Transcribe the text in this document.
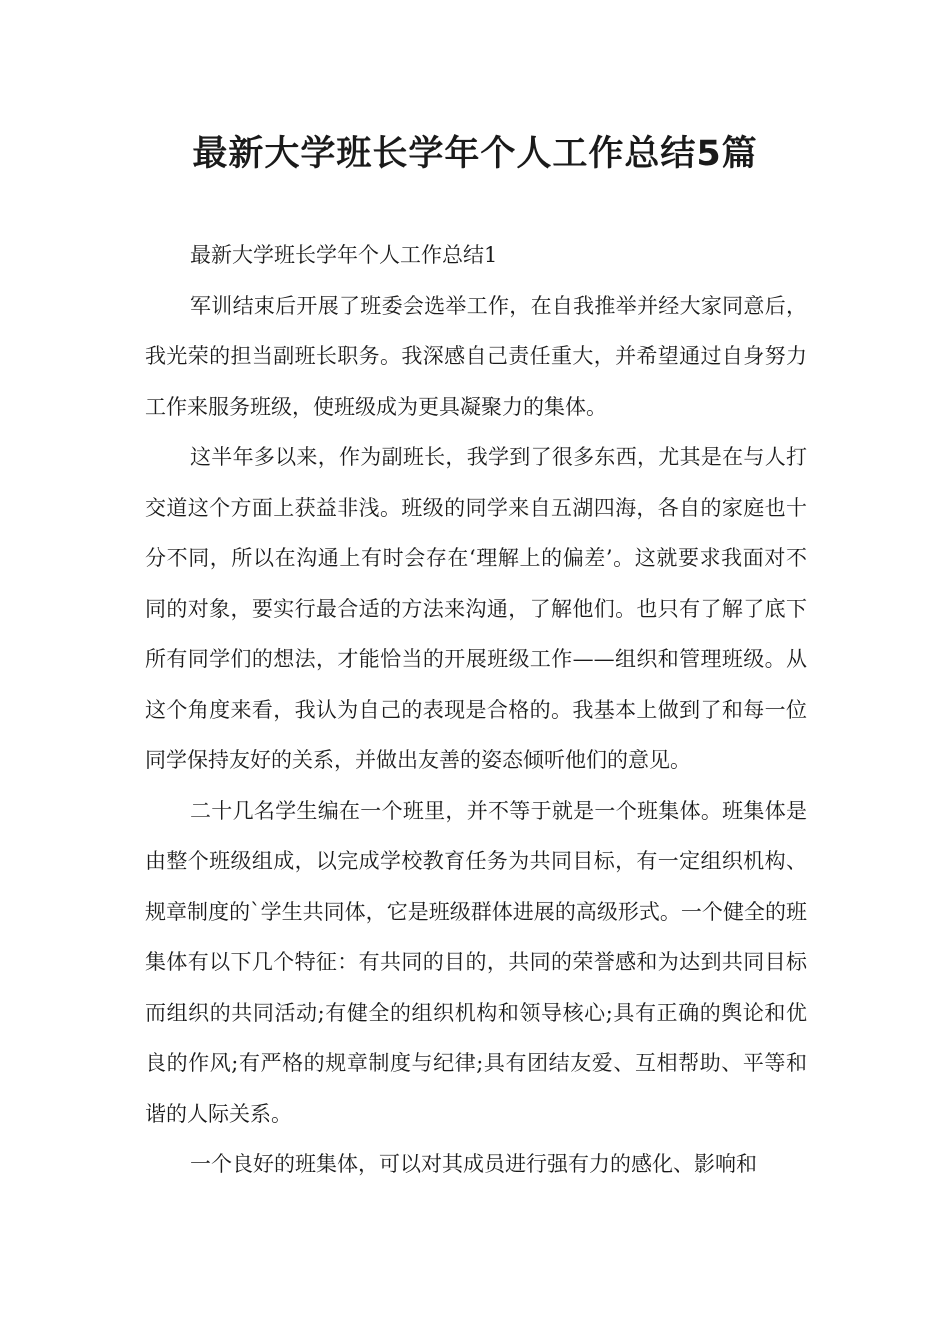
最新大学班长学年个人工作总结5篇

最新大学班长学年个人工作总结1

军训结束后开展了班委会选举工作，在自我推举并经大家同意后，我光荣的担当副班长职务。我深感自己责任重大，并希望通过自身努力工作来服务班级，使班级成为更具凝聚力的集体。

这半年多以来，作为副班长，我学到了很多东西，尤其是在与人打交道这个方面上获益非浅。班级的同学来自五湖四海，各自的家庭也十分不同，所以在沟通上有时会存在‘理解上的偏差’。这就要求我面对不同的对象，要实行最合适的方法来沟通，了解他们。也只有了解了底下所有同学们的想法，才能恰当的开展班级工作——组织和管理班级。从这个角度来看，我认为自己的表现是合格的。我基本上做到了和每一位同学保持友好的关系，并做出友善的姿态倾听他们的意见。

二十几名学生编在一个班里，并不等于就是一个班集体。班集体是由整个班级组成，以完成学校教育任务为共同目标，有一定组织机构、规章制度的`学生共同体，它是班级群体进展的高级形式。一个健全的班集体有以下几个特征：有共同的目的，共同的荣誉感和为达到共同目标而组织的共同活动;有健全的组织机构和领导核心;具有正确的舆论和优良的作风;有严格的规章制度与纪律;具有团结友爱、互相帮助、平等和谐的人际关系。

一个良好的班集体，可以对其成员进行强有力的感化、影响和
